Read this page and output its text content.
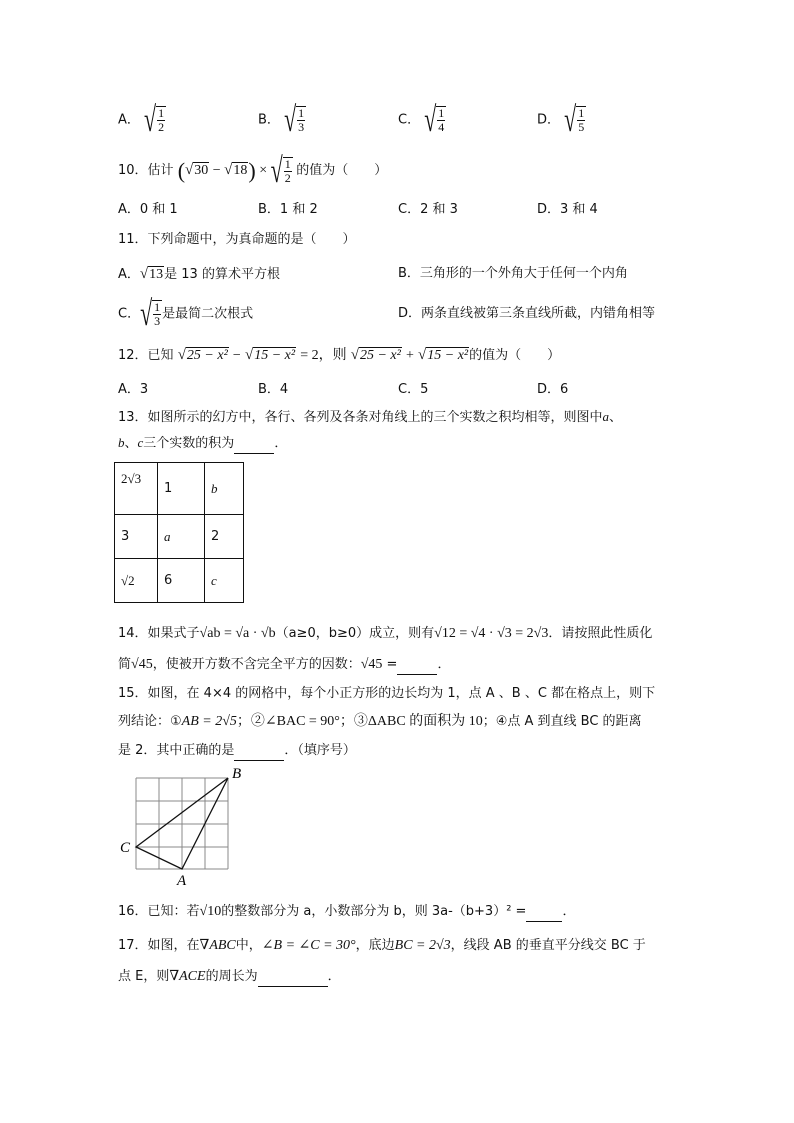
A． √ $\frac{1}{2}$	B． √ $\frac{1}{3}$	C． √ $\frac{1}{4}$	D． √ $\frac{1}{5}$
10．估计 (√30 − √18) × √ $\frac{1}{2}$ 的值为（　　）
A．0 和 1	B．1 和 2	C．2 和 3	D．3 和 4
11．下列命题中，为真命题的是（　　）
A．√13是 13 的算术平方根	B．三角形的一个外角大于任何一个内角
C．√ $\frac{1}{3}$ 是最简二次根式	D．两条直线被第三条直线所截，内错角相等
12．已知 √25 − x² − √15 − x² = 2，则 √25 − x² + √15 − x²的值为（　　）
A．3	B．4	C．5	D．6
13．如图所示的幻方中，各行、各列及各条对角线上的三个实数之积均相等，则图中a、
b、c三个实数的积为	．
2√3	1	b
3	a	2
√2	6	c
14．如果式子√ab = √a · √b（a≥0，b≥0）成立，则有√12 = √4 · √3 = 2√3．请按照此性质化
简√45，使被开方数不含完全平方的因数：√45 =	．
15．如图，在 4×4 的网格中，每个小正方形的边长均为 1，点 A 、B 、C 都在格点上，则下
列结论：①AB = 2√5；②∠BAC = 90°；③ΔABC 的面积为 10；④点 A 到直线 BC 的距离
是 2．其中正确的是	．（填序号）
B
C
A
16．已知：若√10的整数部分为 a，小数部分为 b，则 3a-（b+3）² =	．
17．如图，在∇ABC中，∠B = ∠C = 30°，底边BC = 2√3，线段 AB 的垂直平分线交 BC 于
点 E，则∇ACE的周长为	．
